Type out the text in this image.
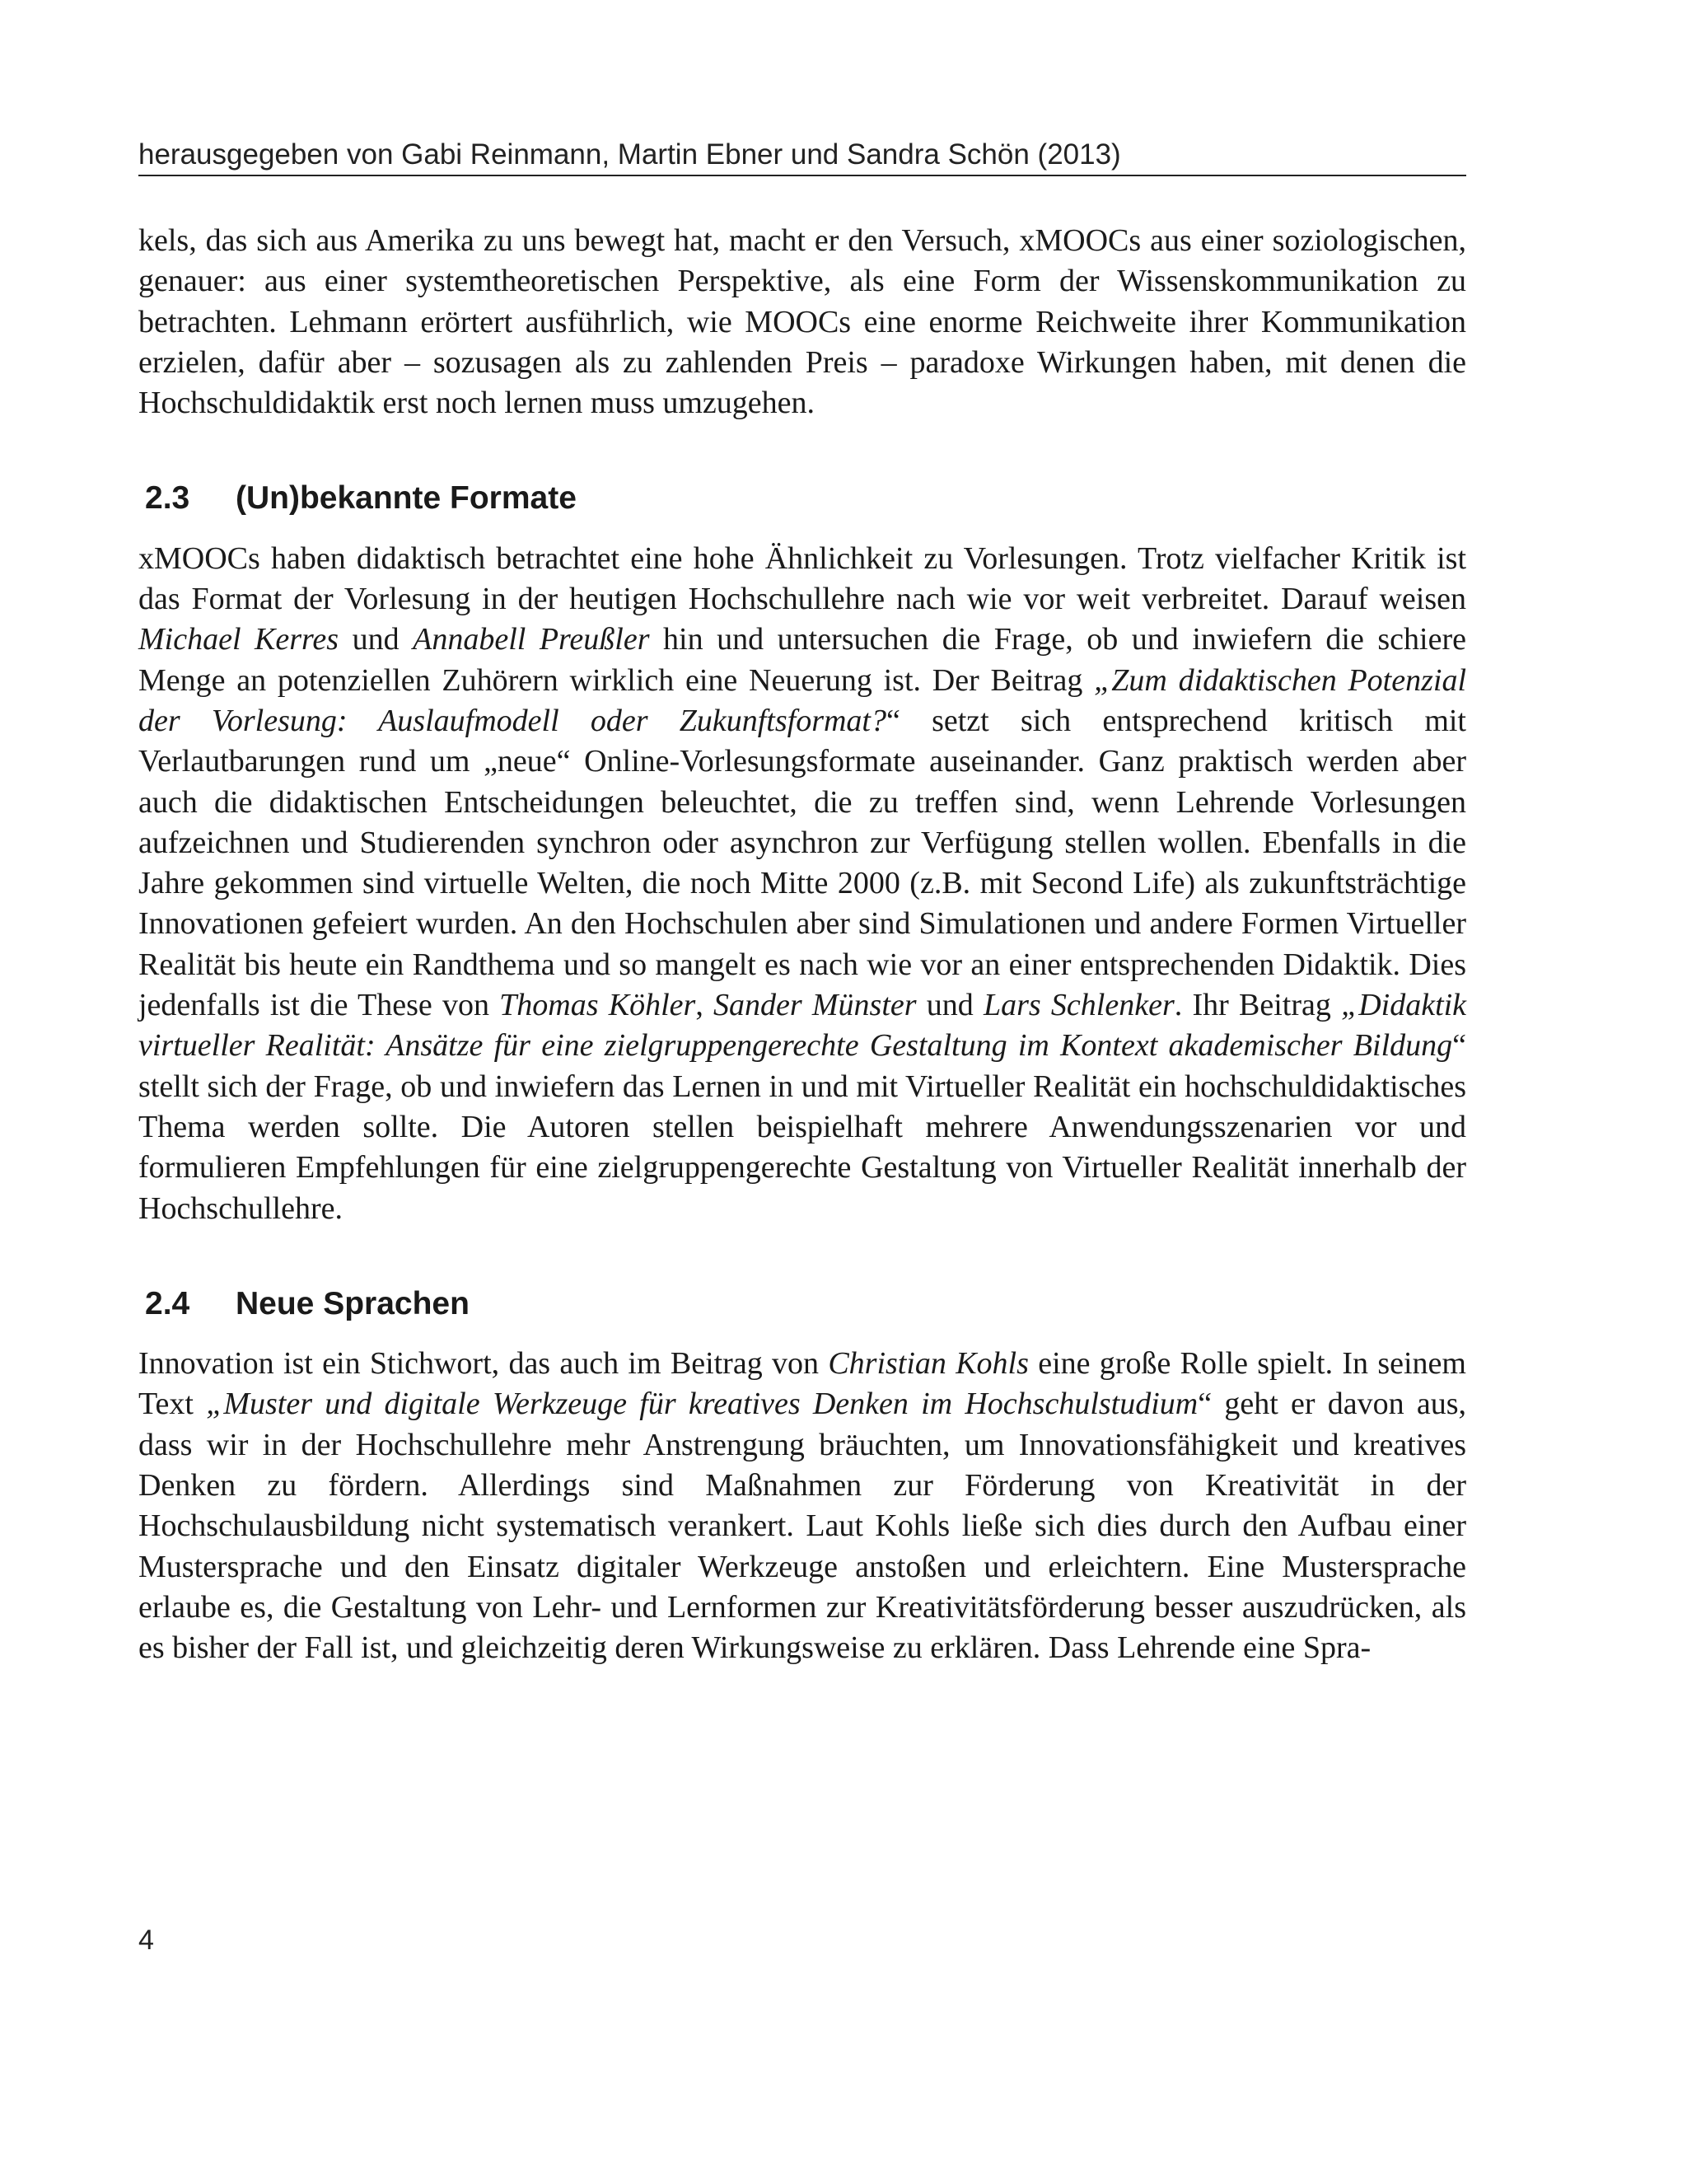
herausgegeben von Gabi Reinmann, Martin Ebner und Sandra Schön (2013)

kels, das sich aus Amerika zu uns bewegt hat, macht er den Versuch, xMOOCs aus einer soziologischen, genauer: aus einer systemtheoretischen Perspektive, als eine Form der Wissenskommunikation zu betrachten. Lehmann erörtert ausführlich, wie MOOCs eine enorme Reichweite ihrer Kommunikation erzielen, dafür aber – sozusagen als zu zahlenden Preis – paradoxe Wirkungen haben, mit denen die Hochschuldidaktik erst noch lernen muss umzugehen.

2.3	(Un)bekannte Formate

xMOOCs haben didaktisch betrachtet eine hohe Ähnlichkeit zu Vorlesungen. Trotz vielfacher Kritik ist das Format der Vorlesung in der heutigen Hochschullehre nach wie vor weit verbreitet. Darauf weisen Michael Kerres und Annabell Preußler hin und untersuchen die Frage, ob und inwiefern die schiere Menge an potenziellen Zuhörern wirklich eine Neuerung ist. Der Beitrag „Zum didaktischen Potenzial der Vorlesung: Auslaufmodell oder Zukunftsformat?“ setzt sich entsprechend kritisch mit Verlautbarungen rund um „neue“ Online-Vorlesungsformate auseinander. Ganz praktisch werden aber auch die didaktischen Entscheidungen beleuchtet, die zu treffen sind, wenn Lehrende Vorlesungen aufzeichnen und Studierenden synchron oder asynchron zur Verfügung stellen wollen. Ebenfalls in die Jahre gekommen sind virtuelle Welten, die noch Mitte 2000 (z.B. mit Second Life) als zukunftsträchtige Innovationen gefeiert wurden. An den Hochschulen aber sind Simulationen und andere Formen Virtueller Realität bis heute ein Randthema und so mangelt es nach wie vor an einer entsprechenden Didaktik. Dies jedenfalls ist die These von Thomas Köhler, Sander Münster und Lars Schlenker. Ihr Beitrag „Didaktik virtueller Realität: Ansätze für eine zielgruppengerechte Gestaltung im Kontext akademischer Bildung“ stellt sich der Frage, ob und inwiefern das Lernen in und mit Virtueller Realität ein hochschuldidaktisches Thema werden sollte. Die Autoren stellen beispielhaft mehrere Anwendungsszenarien vor und formulieren Empfehlungen für eine zielgruppengerechte Gestaltung von Virtueller Realität innerhalb der Hochschullehre.

2.4	Neue Sprachen

Innovation ist ein Stichwort, das auch im Beitrag von Christian Kohls eine große Rolle spielt. In seinem Text „Muster und digitale Werkzeuge für kreatives Denken im Hochschulstudium“ geht er davon aus, dass wir in der Hochschullehre mehr Anstrengung bräuchten, um Innovationsfähigkeit und kreatives Denken zu fördern. Allerdings sind Maßnahmen zur Förderung von Kreativität in der Hochschulausbildung nicht systematisch verankert. Laut Kohls ließe sich dies durch den Aufbau einer Mustersprache und den Einsatz digitaler Werkzeuge anstoßen und erleichtern. Eine Mustersprache erlaube es, die Gestaltung von Lehr- und Lernformen zur Kreativitätsförderung besser auszudrücken, als es bisher der Fall ist, und gleichzeitig deren Wirkungsweise zu erklären. Dass Lehrende eine Spra-

4
